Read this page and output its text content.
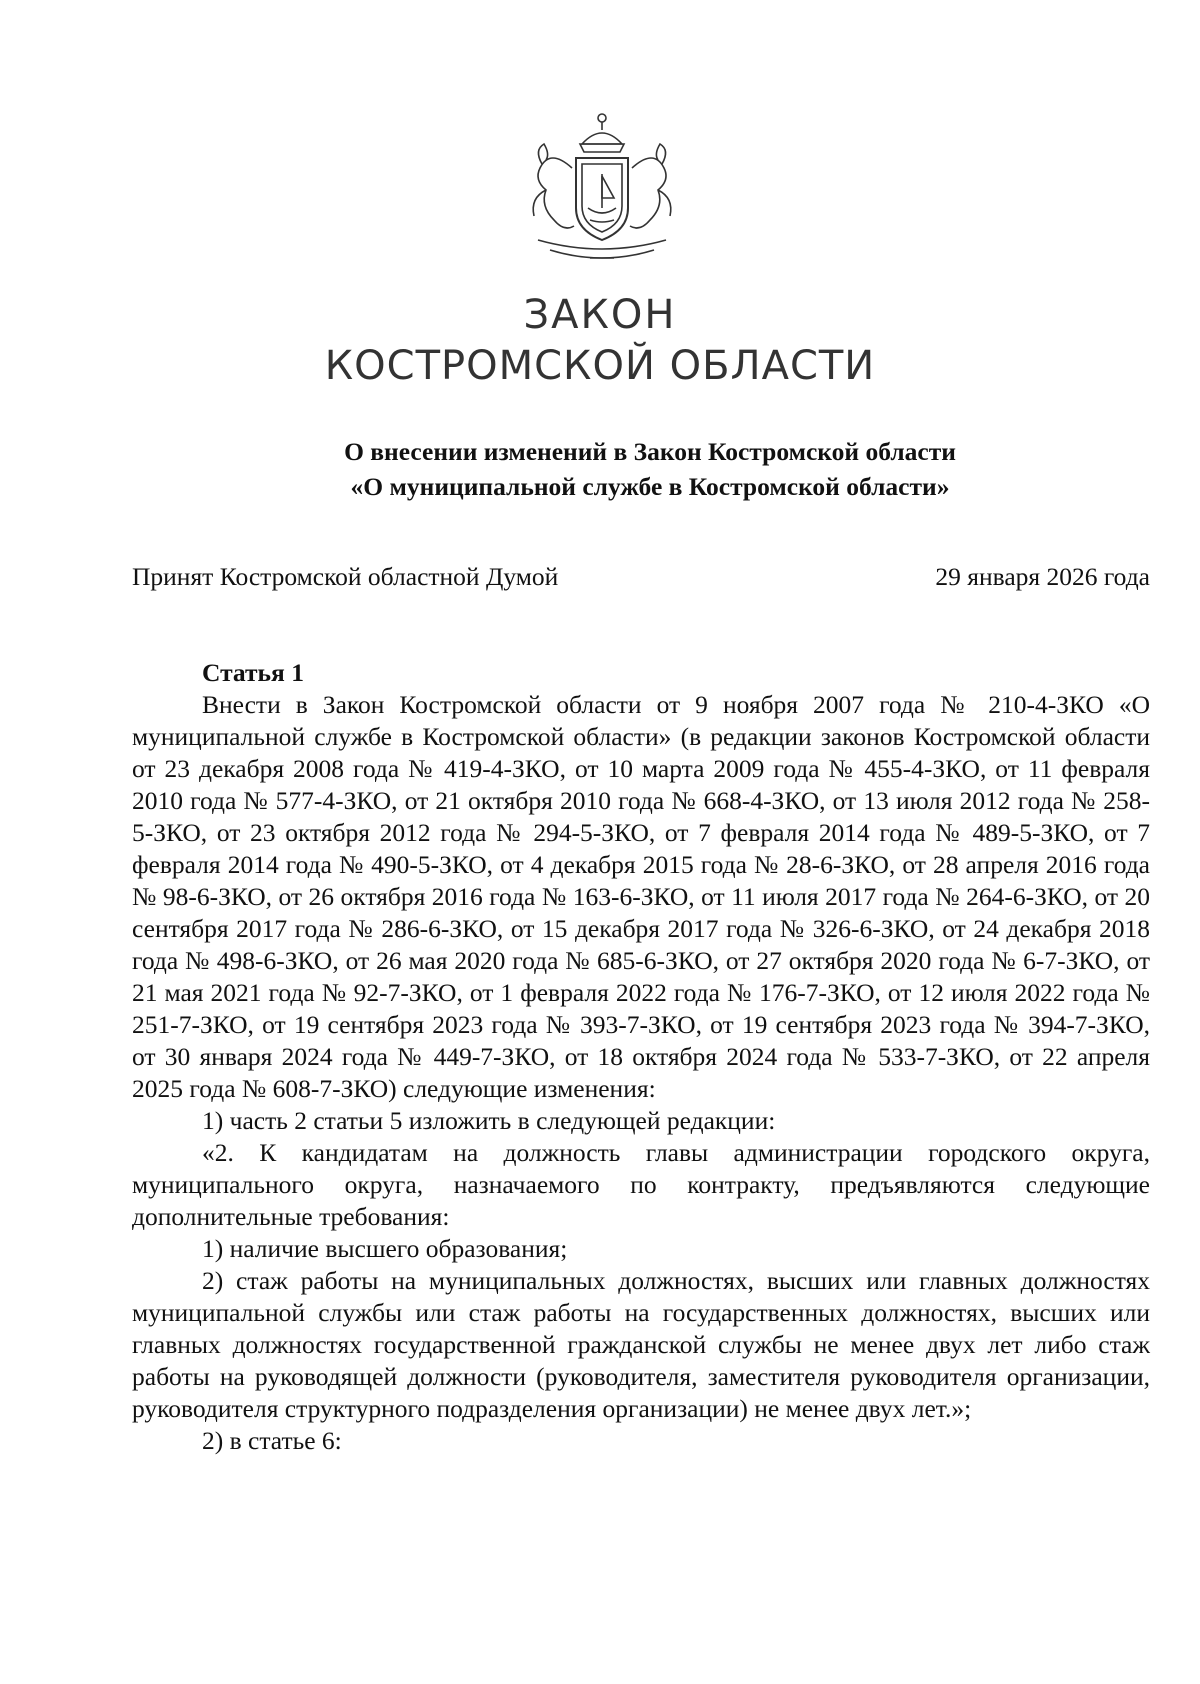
ЗАКОН
КОСТРОМСКОЙ ОБЛАСТИ
О внесении изменений в Закон Костромской области
«О муниципальной службе в Костромской области»
Принят Костромской областной Думой	29 января 2026 года
Статья 1

Внести в Закон Костромской области от 9 ноября 2007 года № 210-4-ЗКО «О муниципальной службе в Костромской области» (в редакции законов Костромской области от 23 декабря 2008 года № 419-4-ЗКО, от 10 марта 2009 года № 455-4-ЗКО, от 11 февраля 2010 года № 577-4-ЗКО, от 21 октября 2010 года № 668-4-ЗКО, от 13 июля 2012 года № 258-5-ЗКО, от 23 октября 2012 года № 294-5-ЗКО, от 7 февраля 2014 года № 489-5-ЗКО, от 7 февраля 2014 года № 490-5-ЗКО, от 4 декабря 2015 года № 28-6-ЗКО, от 28 апреля 2016 года № 98-6-ЗКО, от 26 октября 2016 года № 163-6-ЗКО, от 11 июля 2017 года № 264-6-ЗКО, от 20 сентября 2017 года № 286-6-ЗКО, от 15 декабря 2017 года № 326-6-ЗКО, от 24 декабря 2018 года № 498-6-ЗКО, от 26 мая 2020 года № 685-6-ЗКО, от 27 октября 2020 года № 6-7-ЗКО, от 21 мая 2021 года № 92-7-ЗКО, от 1 февраля 2022 года № 176-7-ЗКО, от 12 июля 2022 года № 251-7-ЗКО, от 19 сентября 2023 года № 393-7-ЗКО, от 19 сентября 2023 года № 394-7-ЗКО, от 30 января 2024 года № 449-7-ЗКО, от 18 октября 2024 года № 533-7-ЗКО, от 22 апреля 2025 года № 608-7-ЗКО) следующие изменения:

1) часть 2 статьи 5 изложить в следующей редакции:

«2. К кандидатам на должность главы администрации городского округа, муниципального округа, назначаемого по контракту, предъявляются следующие дополнительные требования:

1) наличие высшего образования;

2) стаж работы на муниципальных должностях, высших или главных должностях муниципальной службы или стаж работы на государственных должностях, высших или главных должностях государственной гражданской службы не менее двух лет либо стаж работы на руководящей должности (руководителя, заместителя руководителя организации, руководителя структурного подразделения организации) не менее двух лет.»;

2) в статье 6:
